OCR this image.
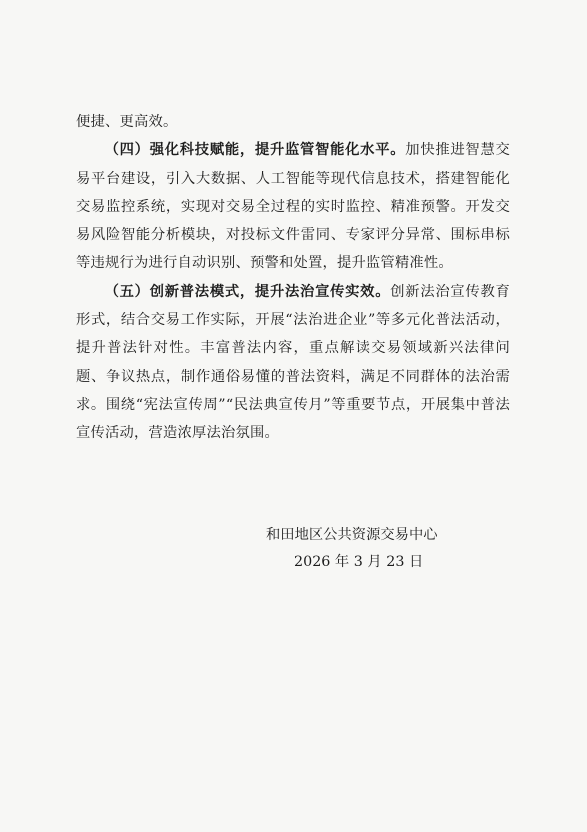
便捷、更高效。

（四）强化科技赋能，提升监管智能化水平。加快推进智慧交易平台建设，引入大数据、人工智能等现代信息技术，搭建智能化交易监控系统，实现对交易全过程的实时监控、精准预警。开发交易风险智能分析模块，对投标文件雷同、专家评分异常、围标串标等违规行为进行自动识别、预警和处置，提升监管精准性。

（五）创新普法模式，提升法治宣传实效。创新法治宣传教育形式，结合交易工作实际，开展“法治进企业”等多元化普法活动，提升普法针对性。丰富普法内容，重点解读交易领域新兴法律问题、争议热点，制作通俗易懂的普法资料，满足不同群体的法治需求。围绕“宪法宣传周”“民法典宣传月”等重要节点，开展集中普法宣传活动，营造浓厚法治氛围。

和田地区公共资源交易中心

2026 年 3 月 23 日
